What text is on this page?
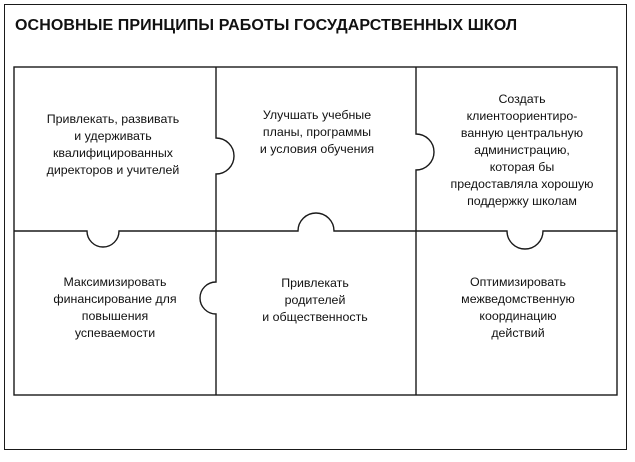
ОСНОВНЫЕ ПРИНЦИПЫ РАБОТЫ ГОСУДАРСТВЕННЫХ ШКОЛ
Привлекать, развивать
и удерживать
квалифицированных
директоров и учителей
Улучшать учебные
планы, программы
и условия обучения
Создать
клиентоориентиро-
ванную центральную
администрацию,
которая бы
предоставляла хорошую
поддержку школам
Максимизировать
финансирование для
повышения
успеваемости
Привлекать
родителей
и общественность
Оптимизировать
межведомственную
координацию
действий
